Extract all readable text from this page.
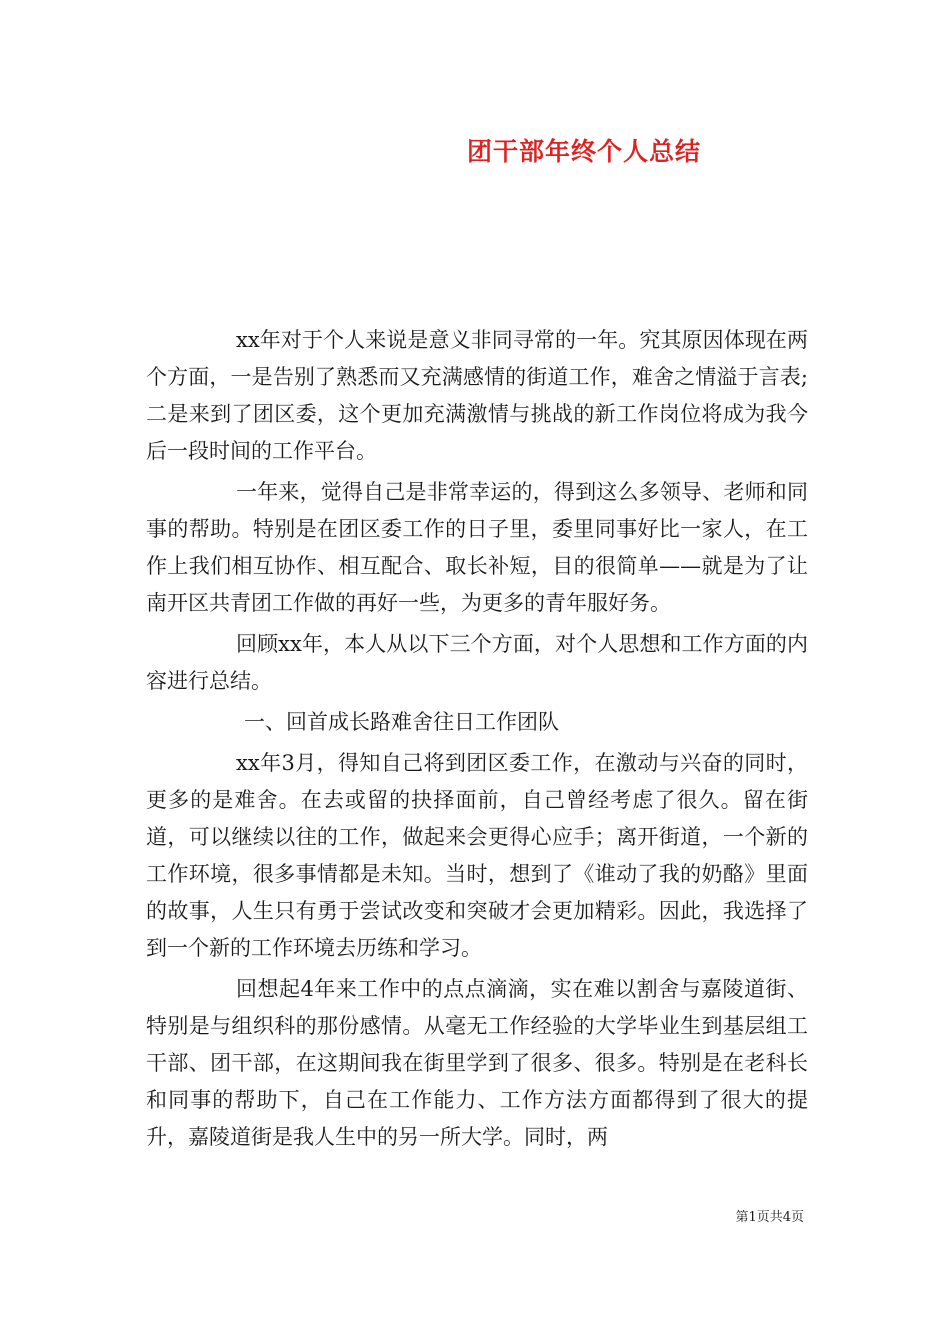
团干部年终个人总结

xx年对于个人来说是意义非同寻常的一年。究其原因体现在两个方面，一是告别了熟悉而又充满感情的街道工作，难舍之情溢于言表;二是来到了团区委，这个更加充满激情与挑战的新工作岗位将成为我今后一段时间的工作平台。

一年来，觉得自己是非常幸运的，得到这么多领导、老师和同事的帮助。特别是在团区委工作的日子里，委里同事好比一家人，在工作上我们相互协作、相互配合、取长补短，目的很简单——就是为了让南开区共青团工作做的再好一些，为更多的青年服好务。

回顾xx年，本人从以下三个方面，对个人思想和工作方面的内容进行总结。

一、回首成长路难舍往日工作团队

xx年3月，得知自己将到团区委工作，在激动与兴奋的同时，更多的是难舍。在去或留的抉择面前，自己曾经考虑了很久。留在街道，可以继续以往的工作，做起来会更得心应手；离开街道，一个新的工作环境，很多事情都是未知。当时，想到了《谁动了我的奶酪》里面的故事，人生只有勇于尝试改变和突破才会更加精彩。因此，我选择了到一个新的工作环境去历练和学习。

回想起4年来工作中的点点滴滴，实在难以割舍与嘉陵道街、特别是与组织科的那份感情。从毫无工作经验的大学毕业生到基层组工干部、团干部，在这期间我在街里学到了很多、很多。特别是在老科长和同事的帮助下，自己在工作能力、工作方法方面都得到了很大的提升，嘉陵道街是我人生中的另一所大学。同时，两

第1页共4页
